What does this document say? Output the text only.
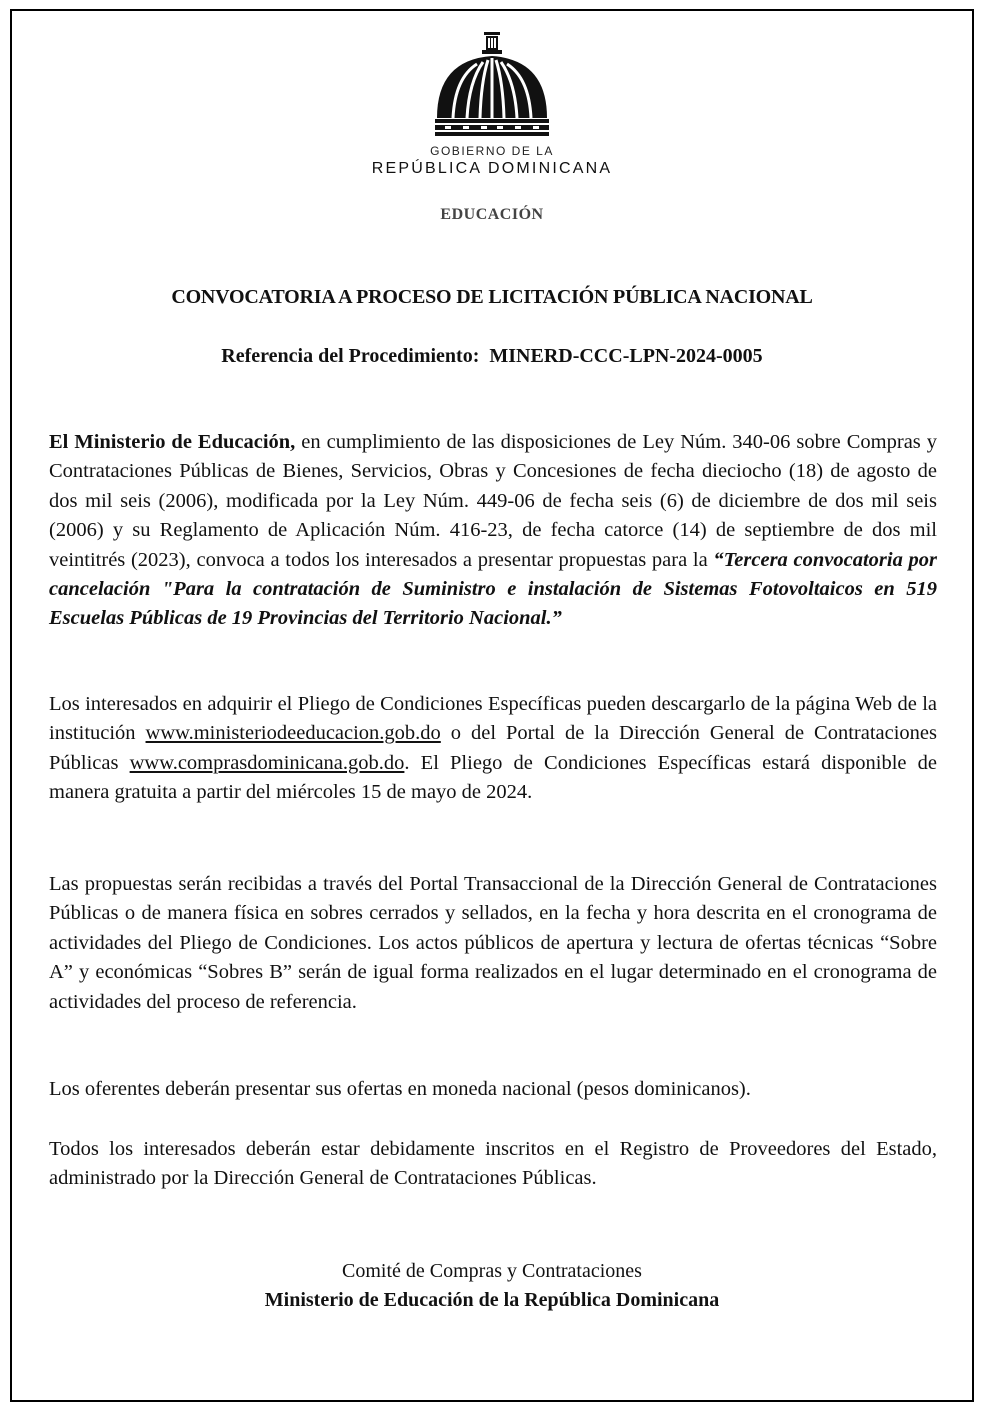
GOBIERNO DE LA
REPÚBLICA DOMINICANA
EDUCACIÓN
CONVOCATORIA A PROCESO DE LICITACIÓN PÚBLICA NACIONAL
Referencia del Procedimiento: MINERD-CCC-LPN-2024-0005
El Ministerio de Educación, en cumplimiento de las disposiciones de Ley Núm. 340-06 sobre Compras y Contrataciones Públicas de Bienes, Servicios, Obras y Concesiones de fecha dieciocho (18) de agosto de dos mil seis (2006), modificada por la Ley Núm. 449-06 de fecha seis (6) de diciembre de dos mil seis (2006) y su Reglamento de Aplicación Núm. 416-23, de fecha catorce (14) de septiembre de dos mil veintitrés (2023), convoca a todos los interesados a presentar propuestas para la “Tercera convocatoria por cancelación "Para la contratación de Suministro e instalación de Sistemas Fotovoltaicos en 519 Escuelas Públicas de 19 Provincias del Territorio Nacional.”
Los interesados en adquirir el Pliego de Condiciones Específicas pueden descargarlo de la página Web de la institución www.ministeriodeeducacion.gob.do o del Portal de la Dirección General de Contrataciones Públicas www.comprasdominicana.gob.do. El Pliego de Condiciones Específicas estará disponible de manera gratuita a partir del miércoles 15 de mayo de 2024.
Las propuestas serán recibidas a través del Portal Transaccional de la Dirección General de Contrataciones Públicas o de manera física en sobres cerrados y sellados, en la fecha y hora descrita en el cronograma de actividades del Pliego de Condiciones. Los actos públicos de apertura y lectura de ofertas técnicas “Sobre A” y económicas “Sobres B” serán de igual forma realizados en el lugar determinado en el cronograma de actividades del proceso de referencia.
Los oferentes deberán presentar sus ofertas en moneda nacional (pesos dominicanos).
Todos los interesados deberán estar debidamente inscritos en el Registro de Proveedores del Estado, administrado por la Dirección General de Contrataciones Públicas.
Comité de Compras y Contrataciones
Ministerio de Educación de la República Dominicana
